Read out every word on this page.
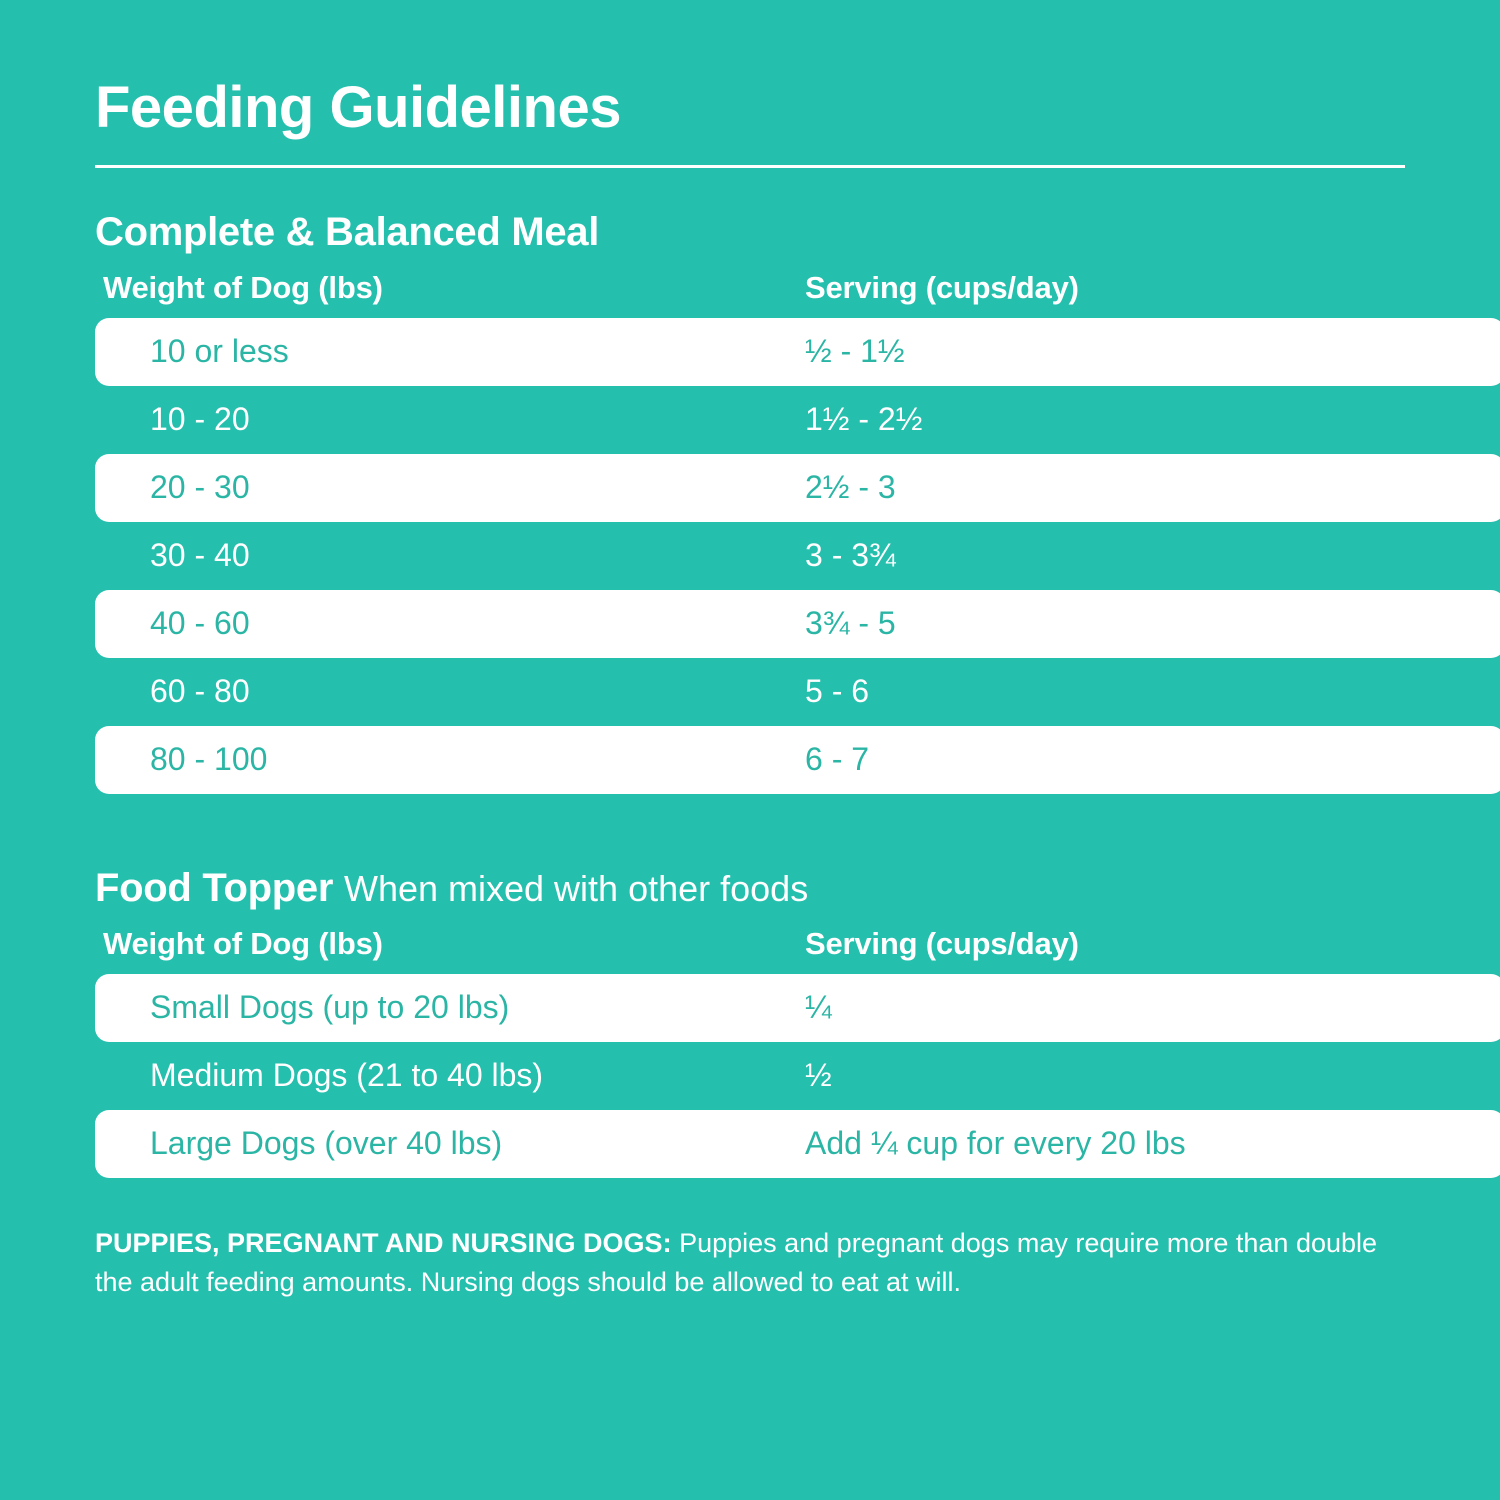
Feeding Guidelines
Complete & Balanced Meal
Weight of Dog (lbs)	Serving (cups/day)
10 or less	½ - 1½
10 - 20	1½ - 2½
20 - 30	2½ - 3
30 - 40	3 - 3¾
40 - 60	3¾ - 5
60 - 80	5 - 6
80 - 100	6 - 7
Food Topper When mixed with other foods
Weight of Dog (lbs)	Serving (cups/day)
Small Dogs (up to 20 lbs)	¼
Medium Dogs (21 to 40 lbs)	½
Large Dogs (over 40 lbs)	Add ¼ cup for every 20 lbs
PUPPIES, PREGNANT AND NURSING DOGS: Puppies and pregnant dogs may require more than double the adult feeding amounts. Nursing dogs should be allowed to eat at will.
